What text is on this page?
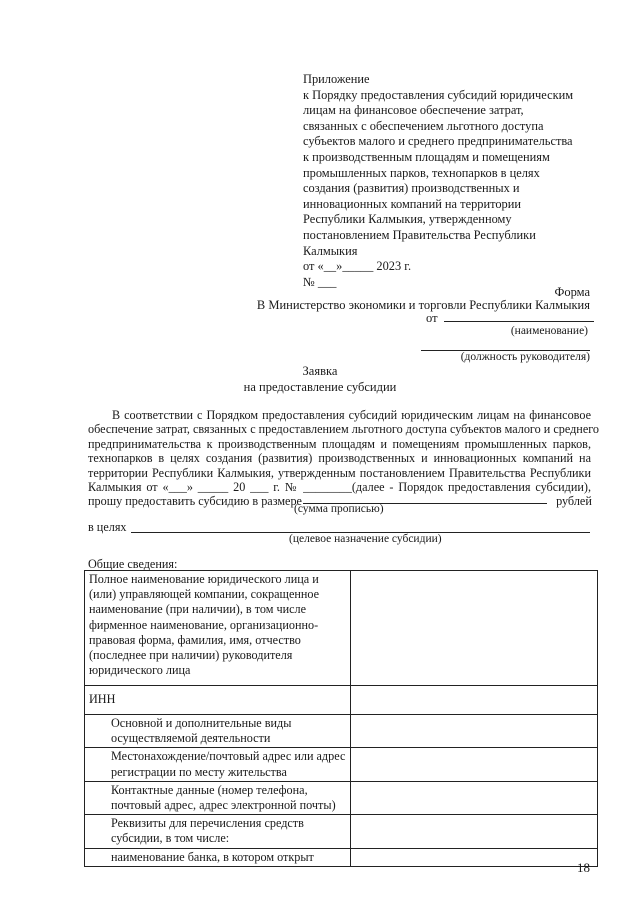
Приложение
к Порядку предоставления субсидий юридическим
лицам на финансовое обеспечение затрат,
связанных с обеспечением льготного доступа
субъектов малого и среднего предпринимательства
к производственным площадям и помещениям
промышленных парков, технопарков в целях
создания (развития) производственных и
инновационных компаний на территории
Республики Калмыкия, утвержденному
постановлением Правительства Республики
Калмыкия
от «__»_____ 2023 г.
№ ___
Форма
В Министерство экономики и торговли Республики Калмыкия
от
(наименование)
(должность руководителя)
Заявка
на предоставление субсидии
В соответствии с Порядком предоставления субсидий юридическим лицам на финансовое
обеспечение затрат, связанных с предоставлением льготного доступа субъектов малого и среднего
предпринимательства к производственным площадям и помещениям промышленных парков,
технопарков в целях создания (развития) производственных и инновационных компаний на
территории Республики Калмыкия, утвержденным постановлением Правительства Республики
Калмыкия от «___» _____ 20 ___ г. № ________(далее - Порядок предоставления субсидии),
прошу предоставить субсидию в размере	рублей
(сумма прописью)
в целях
(целевое назначение субсидии)
Общие сведения:
Полное наименование юридического лица и (или) управляющей компании, сокращенное наименование (при наличии), в том числе фирменное наименование, организационно-правовая форма, фамилия, имя, отчество (последнее при наличии) руководителя юридического лица	
ИНН	
Основной и дополнительные виды осуществляемой деятельности	
Местонахождение/почтовый адрес или адрес регистрации по месту жительства	
Контактные данные (номер телефона, почтовый адрес, адрес электронной почты)	
Реквизиты для перечисления средств субсидии, в том числе:	
наименование банка, в котором открыт	
18
